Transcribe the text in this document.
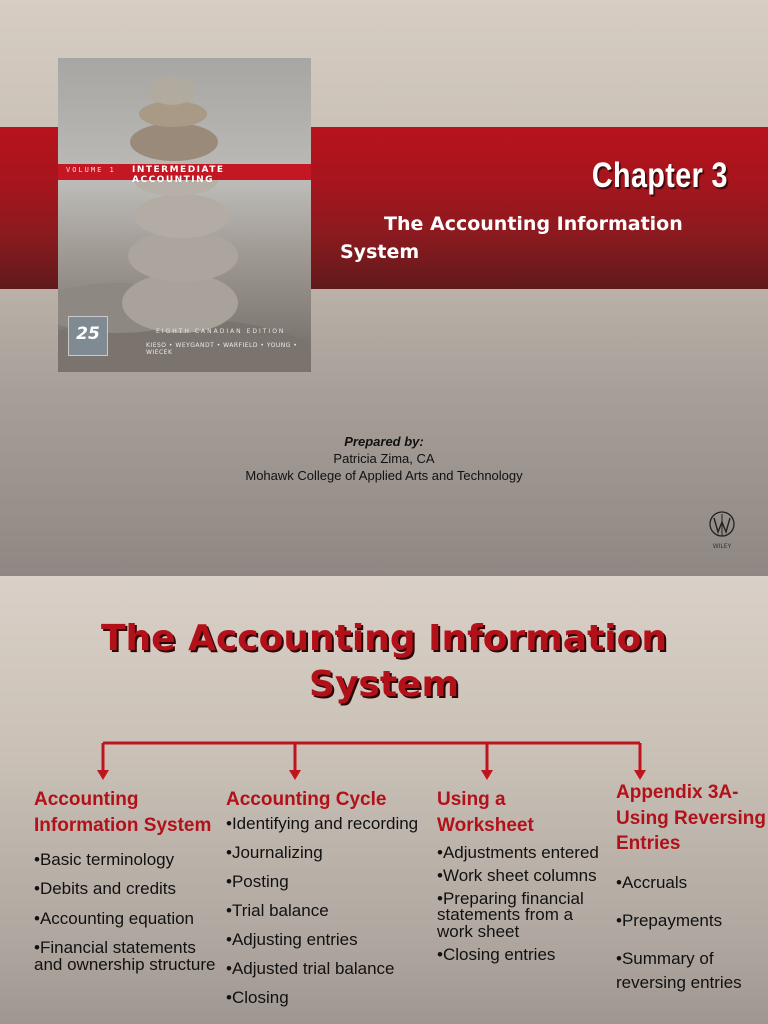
VOLUME 1 INTERMEDIATE ACCOUNTING
EIGHTH CANADIAN EDITION
KIESO • WEYGANDT • WARFIELD • YOUNG • WIECEK
25
Chapter 3
The Accounting Information System
Prepared by:
Patricia Zima, CA
Mohawk College of Applied Arts and Technology
WILEY
The Accounting Information System
Accounting Information System
•Basic terminology
•Debits and credits
•Accounting equation
•Financial statements and ownership structure
Accounting Cycle
•Identifying and recording
•Journalizing
•Posting
•Trial balance
•Adjusting entries
•Adjusted trial balance
•Closing
Using a Worksheet
•Adjustments entered
•Work sheet columns
•Preparing financial statements from a work sheet
•Closing entries
Appendix 3A- Using Reversing Entries
•Accruals
•Prepayments
•Summary of reversing entries
